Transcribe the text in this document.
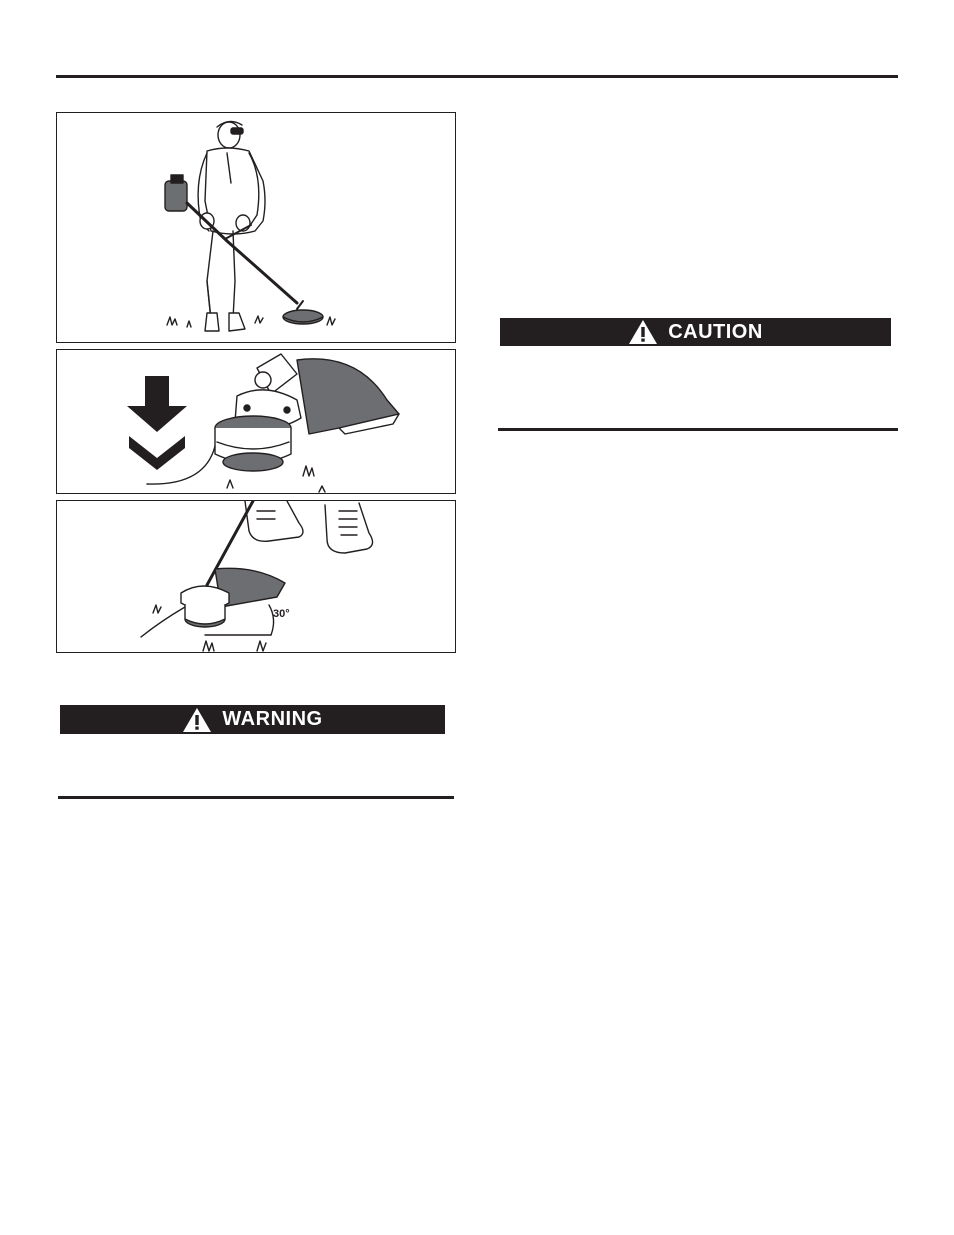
30°
WARNING
CAUTION
